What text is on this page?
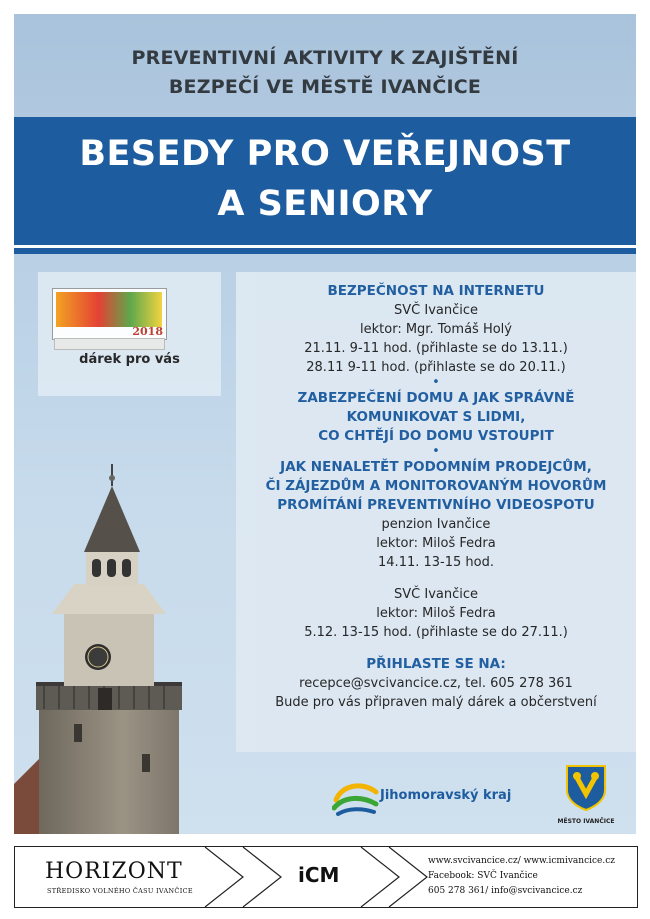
PREVENTIVNÍ AKTIVITY K ZAJIŠTĚNÍ
BEZPEČÍ VE MĚSTĚ IVANČICE
BESEDY PRO VEŘEJNOST
A SENIORY
2018
dárek pro vás
BEZPEČNOST NA INTERNETU
SVČ Ivančice
lektor: Mgr. Tomáš Holý
21.11. 9-11 hod. (přihlaste se do 13.11.)
28.11 9-11 hod. (přihlaste se do 20.11.)
•
ZABEZPEČENÍ DOMU A JAK SPRÁVNĚ
KOMUNIKOVAT S LIDMI,
CO CHTĚJÍ DO DOMU VSTOUPIT
•
JAK NENALETĚT PODOMNÍM PRODEJCŮM,
ČI ZÁJEZDŮM A MONITOROVANÝM HOVORŮM
PROMÍTÁNÍ PREVENTIVNÍHO VIDEOSPOTU
penzion Ivančice
lektor: Miloš Fedra
14.11. 13-15 hod.
SVČ Ivančice
lektor: Miloš Fedra
5.12. 13-15 hod. (přihlaste se do 27.11.)
PŘIHLASTE SE NA:
recepce@svcivancice.cz, tel. 605 278 361
Bude pro vás připraven malý dárek a občerstvení
Jihomoravský kraj
MĚSTO IVANČICE
HORIZONT
STŘEDISKO VOLNÉHO ČASU IVANČICE
iCM
www.svcivancice.cz/ www.icmivancice.cz
Facebook: SVČ Ivančice
605 278 361/ info@svcivancice.cz
